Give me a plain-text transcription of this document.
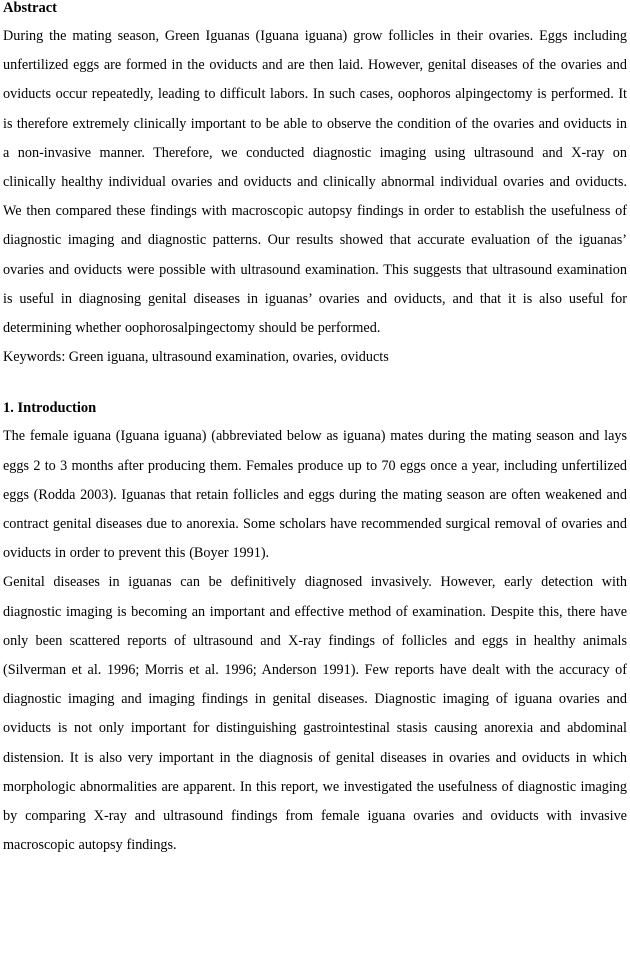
Abstract

During the mating season, Green Iguanas (Iguana iguana) grow follicles in their ovaries. Eggs including unfertilized eggs are formed in the oviducts and are then laid. However, genital diseases of the ovaries and oviducts occur repeatedly, leading to difficult labors. In such cases, oophoros alpingectomy is performed. It is therefore extremely clinically important to be able to observe the condition of the ovaries and oviducts in a non-invasive manner. Therefore, we conducted diagnostic imaging using ultrasound and X-ray on clinically healthy individual ovaries and oviducts and clinically abnormal individual ovaries and oviducts. We then compared these findings with macroscopic autopsy findings in order to establish the usefulness of diagnostic imaging and diagnostic patterns. Our results showed that accurate evaluation of the iguanas’ ovaries and oviducts were possible with ultrasound examination. This suggests that ultrasound examination is useful in diagnosing genital diseases in iguanas’ ovaries and oviducts, and that it is also useful for determining whether oophorosalpingectomy should be performed.

Keywords: Green iguana, ultrasound examination, ovaries, oviducts

1. Introduction

The female iguana (Iguana iguana) (abbreviated below as iguana) mates during the mating season and lays eggs 2 to 3 months after producing them. Females produce up to 70 eggs once a year, including unfertilized eggs (Rodda 2003). Iguanas that retain follicles and eggs during the mating season are often weakened and contract genital diseases due to anorexia. Some scholars have recommended surgical removal of ovaries and oviducts in order to prevent this (Boyer 1991).

Genital diseases in iguanas can be definitively diagnosed invasively. However, early detection with diagnostic imaging is becoming an important and effective method of examination. Despite this, there have only been scattered reports of ultrasound and X-ray findings of follicles and eggs in healthy animals (Silverman et al. 1996; Morris et al. 1996; Anderson 1991). Few reports have dealt with the accuracy of diagnostic imaging and imaging findings in genital diseases. Diagnostic imaging of iguana ovaries and oviducts is not only important for distinguishing gastrointestinal stasis causing anorexia and abdominal distension. It is also very important in the diagnosis of genital diseases in ovaries and oviducts in which morphologic abnormalities are apparent. In this report, we investigated the usefulness of diagnostic imaging by comparing X-ray and ultrasound findings from female iguana ovaries and oviducts with invasive macroscopic autopsy findings.
